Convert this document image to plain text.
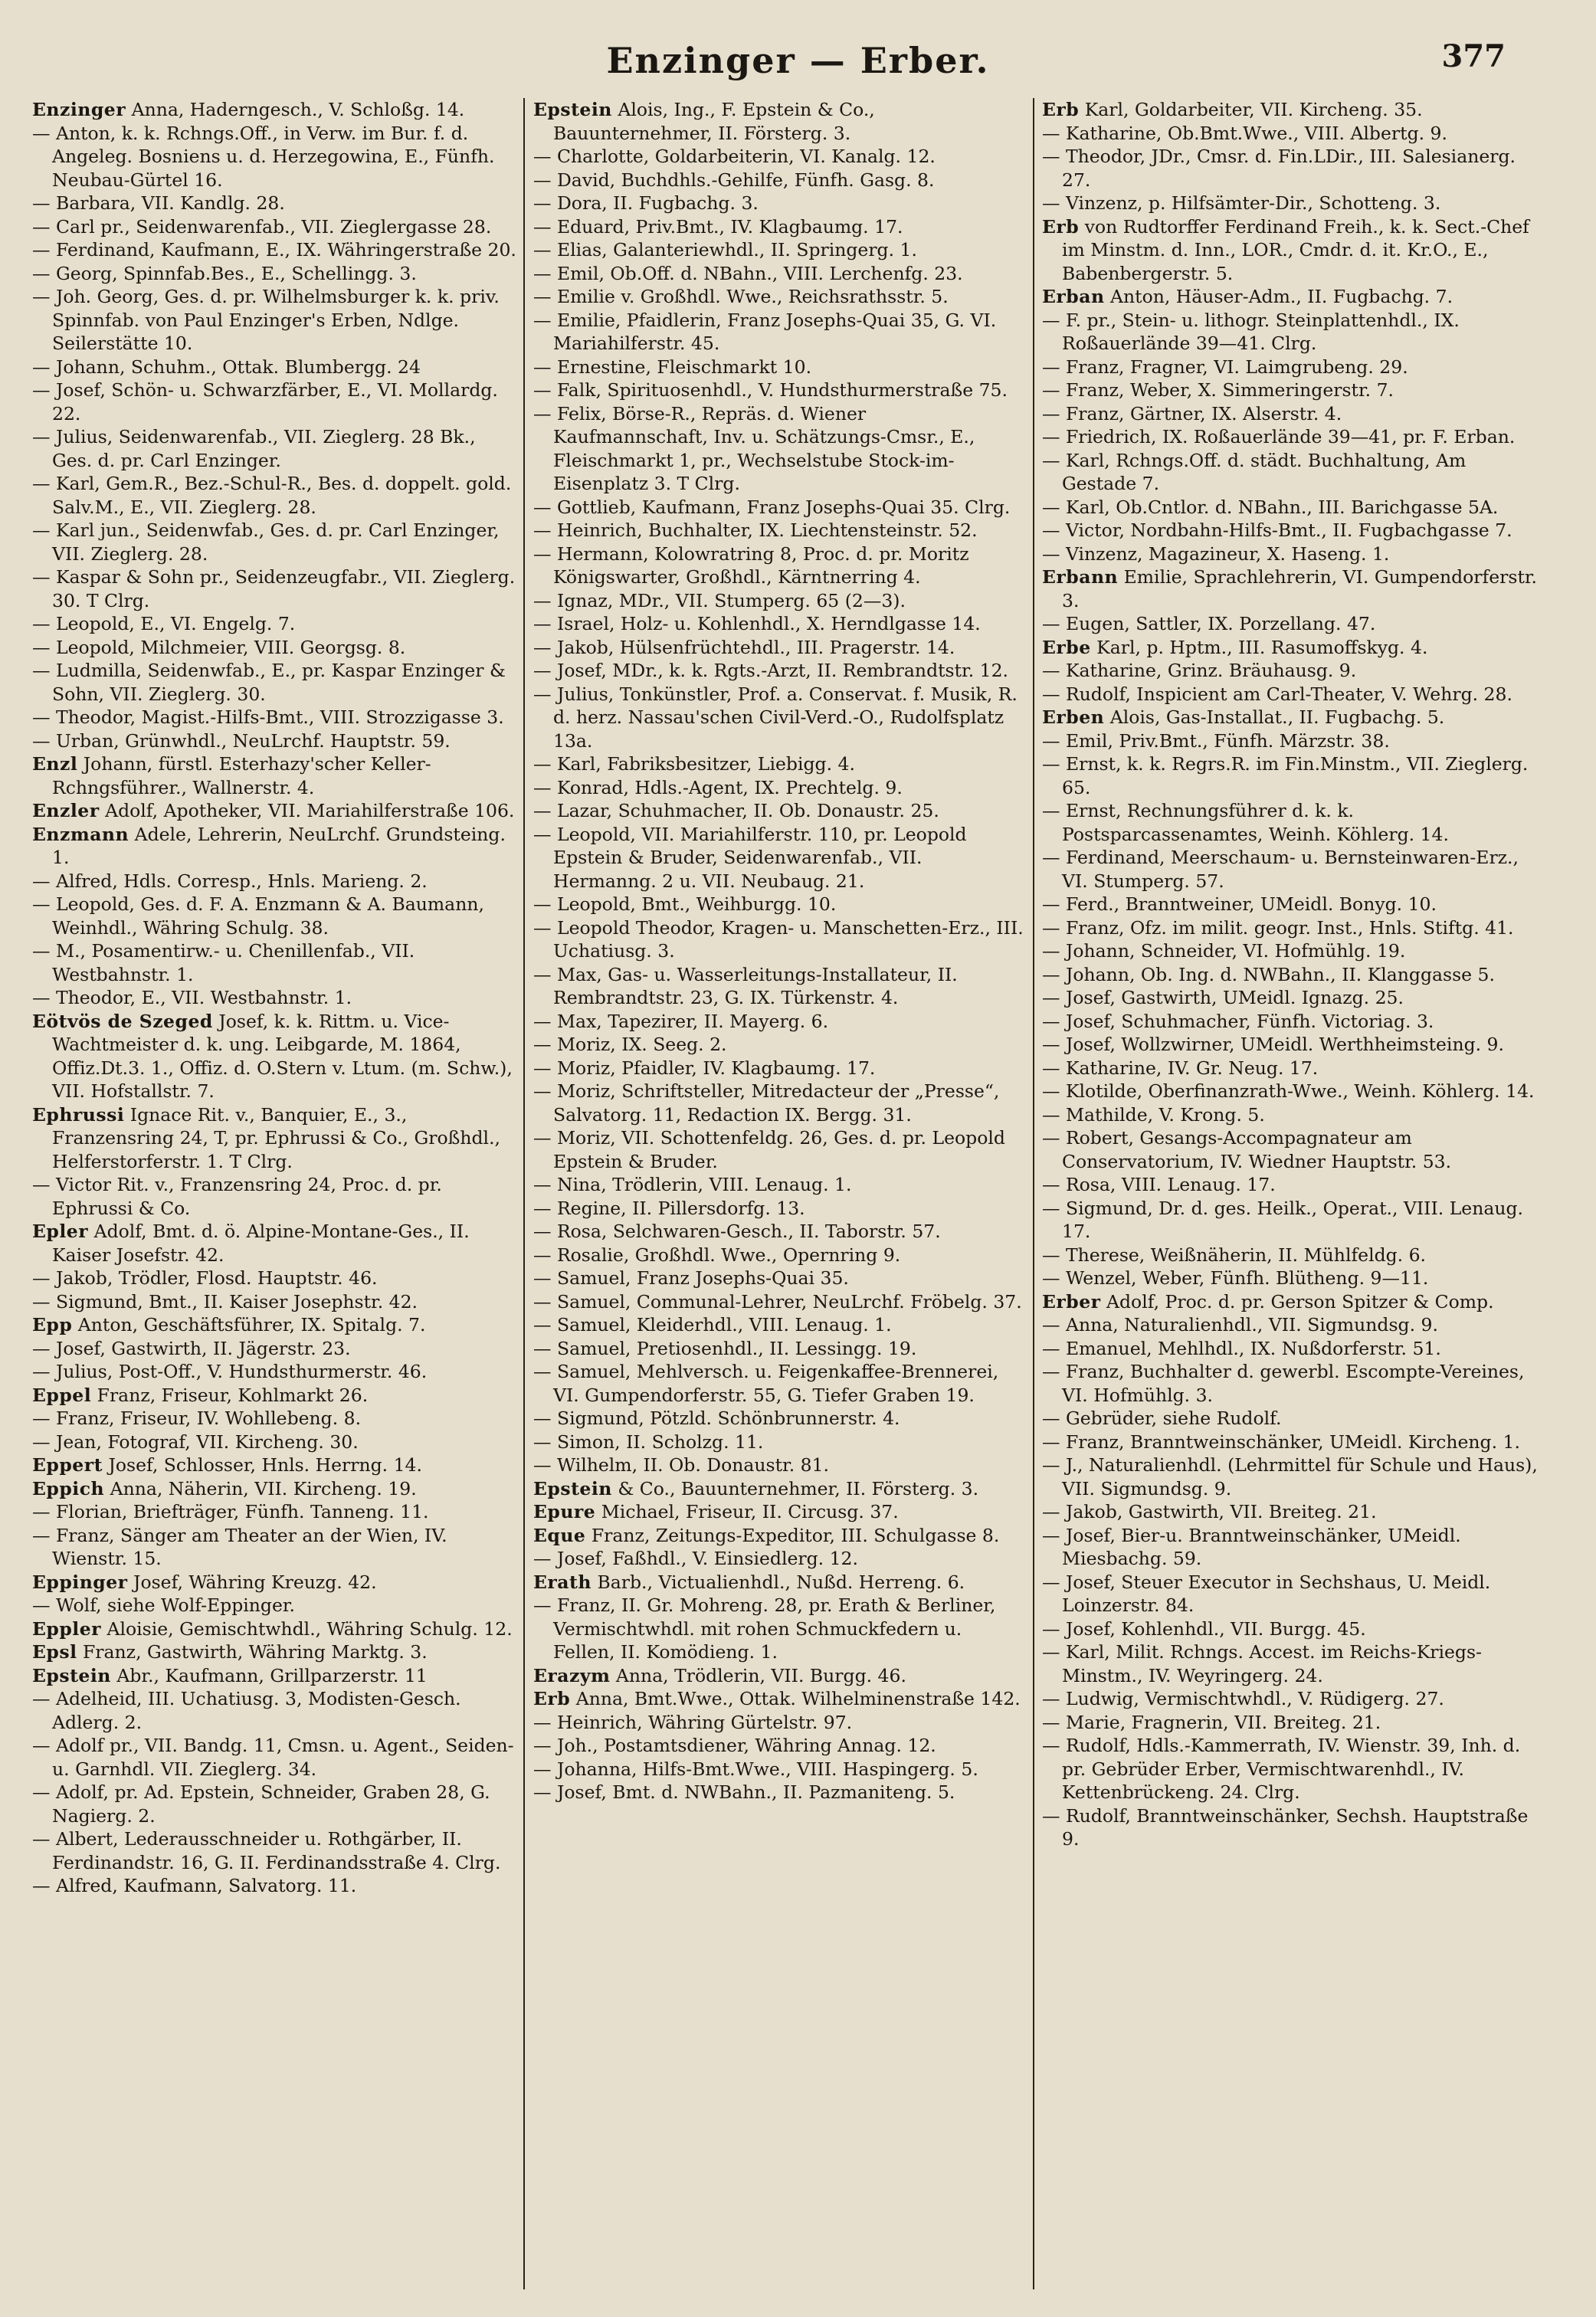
Enzinger — Erber.	377

Enzinger Anna, Haderngesch., V. Schloßg. 14.

— Anton, k. k. Rchngs.Off., in Verw. im Bur. f. d. Angeleg. Bosniens u. d. Herzegowina, E., Fünfh. Neubau-Gürtel 16.

— Barbara, VII. Kandlg. 28.

— Carl pr., Seidenwarenfab., VII. Zieglergasse 28.

— Ferdinand, Kaufmann, E., IX. Währingerstraße 20.

— Georg, Spinnfab.Bes., E., Schellingg. 3.

— Joh. Georg, Ges. d. pr. Wilhelmsburger k. k. priv. Spinnfab. von Paul Enzinger's Erben, Ndlge. Seilerstätte 10.

— Johann, Schuhm., Ottak. Blumbergg. 24

— Josef, Schön- u. Schwarzfärber, E., VI. Mollardg. 22.

— Julius, Seidenwarenfab., VII. Zieglerg. 28 Bk., Ges. d. pr. Carl Enzinger.

— Karl, Gem.R., Bez.-Schul-R., Bes. d. doppelt. gold. Salv.M., E., VII. Zieglerg. 28.

— Karl jun., Seidenwfab., Ges. d. pr. Carl Enzinger, VII. Zieglerg. 28.

— Kaspar & Sohn pr., Seidenzeugfabr., VII. Zieglerg. 30. T Clrg.

— Leopold, E., VI. Engelg. 7.

— Leopold, Milchmeier, VIII. Georgsg. 8.

— Ludmilla, Seidenwfab., E., pr. Kaspar Enzinger & Sohn, VII. Zieglerg. 30.

— Theodor, Magist.-Hilfs-Bmt., VIII. Strozzigasse 3.

— Urban, Grünwhdl., NeuLrchf. Hauptstr. 59.

Enzl Johann, fürstl. Esterhazy'scher Keller-Rchngsführer., Wallnerstr. 4.

Enzler Adolf, Apotheker, VII. Mariahilferstraße 106.

Enzmann Adele, Lehrerin, NeuLrchf. Grundsteing. 1.

— Alfred, Hdls. Corresp., Hnls. Marieng. 2.

— Leopold, Ges. d. F. A. Enzmann & A. Baumann, Weinhdl., Währing Schulg. 38.

— M., Posamentirw.- u. Chenillenfab., VII. Westbahnstr. 1.

— Theodor, E., VII. Westbahnstr. 1.

Eötvös de Szeged Josef, k. k. Rittm. u. Vice-Wachtmeister d. k. ung. Leibgarde, M. 1864, Offiz.Dt.3. 1., Offiz. d. O.Stern v. Ltum. (m. Schw.), VII. Hofstallstr. 7.

Ephrussi Ignace Rit. v., Banquier, E., 3., Franzensring 24, T, pr. Ephrussi & Co., Großhdl., Helferstorferstr. 1. T Clrg.

— Victor Rit. v., Franzensring 24, Proc. d. pr. Ephrussi & Co.

Epler Adolf, Bmt. d. ö. Alpine-Montane-Ges., II. Kaiser Josefstr. 42.

— Jakob, Trödler, Flosd. Hauptstr. 46.

— Sigmund, Bmt., II. Kaiser Josephstr. 42.

Epp Anton, Geschäftsführer, IX. Spitalg. 7.

— Josef, Gastwirth, II. Jägerstr. 23.

— Julius, Post-Off., V. Hundsthurmerstr. 46.

Eppel Franz, Friseur, Kohlmarkt 26.

— Franz, Friseur, IV. Wohllebeng. 8.

— Jean, Fotograf, VII. Kircheng. 30.

Eppert Josef, Schlosser, Hnls. Herrng. 14.

Eppich Anna, Näherin, VII. Kircheng. 19.

— Florian, Briefträger, Fünfh. Tanneng. 11.

— Franz, Sänger am Theater an der Wien, IV. Wienstr. 15.

Eppinger Josef, Währing Kreuzg. 42.

— Wolf, siehe Wolf-Eppinger.

Eppler Aloisie, Gemischtwhdl., Währing Schulg. 12.

Epsl Franz, Gastwirth, Währing Marktg. 3.

Epstein Abr., Kaufmann, Grillparzerstr. 11

— Adelheid, III. Uchatiusg. 3, Modisten-Gesch. Adlerg. 2.

— Adolf pr., VII. Bandg. 11, Cmsn. u. Agent., Seiden- u. Garnhdl. VII. Zieglerg. 34.

— Adolf, pr. Ad. Epstein, Schneider, Graben 28, G. Nagierg. 2.

— Albert, Lederausschneider u. Rothgärber, II. Ferdinandstr. 16, G. II. Ferdinandsstraße 4. Clrg.

— Alfred, Kaufmann, Salvatorg. 11.

Epstein Alois, Ing., F. Epstein & Co., Bauunternehmer, II. Försterg. 3.

— Charlotte, Goldarbeiterin, VI. Kanalg. 12.

— David, Buchdhls.-Gehilfe, Fünfh. Gasg. 8.

— Dora, II. Fugbachg. 3.

— Eduard, Priv.Bmt., IV. Klagbaumg. 17.

— Elias, Galanteriewhdl., II. Springerg. 1.

— Emil, Ob.Off. d. NBahn., VIII. Lerchenfg. 23.

— Emilie v. Großhdl. Wwe., Reichsrathsstr. 5.

— Emilie, Pfaidlerin, Franz Josephs-Quai 35, G. VI. Mariahilferstr. 45.

— Ernestine, Fleischmarkt 10.

— Falk, Spirituosenhdl., V. Hundsthurmerstraße 75.

— Felix, Börse-R., Repräs. d. Wiener Kaufmannschaft, Inv. u. Schätzungs-Cmsr., E., Fleischmarkt 1, pr., Wechselstube Stock-im-Eisenplatz 3. T Clrg.

— Gottlieb, Kaufmann, Franz Josephs-Quai 35. Clrg.

— Heinrich, Buchhalter, IX. Liechtensteinstr. 52.

— Hermann, Kolowratring 8, Proc. d. pr. Moritz Königswarter, Großhdl., Kärntnerring 4.

— Ignaz, MDr., VII. Stumperg. 65 (2—3).

— Israel, Holz- u. Kohlenhdl., X. Herndlgasse 14.

— Jakob, Hülsenfrüchtehdl., III. Pragerstr. 14.

— Josef, MDr., k. k. Rgts.-Arzt, II. Rembrandtstr. 12.

— Julius, Tonkünstler, Prof. a. Conservat. f. Musik, R. d. herz. Nassau'schen Civil-Verd.-O., Rudolfsplatz 13a.

— Karl, Fabriksbesitzer, Liebigg. 4.

— Konrad, Hdls.-Agent, IX. Prechtelg. 9.

— Lazar, Schuhmacher, II. Ob. Donaustr. 25.

— Leopold, VII. Mariahilferstr. 110, pr. Leopold Epstein & Bruder, Seidenwarenfab., VII. Hermanng. 2 u. VII. Neubaug. 21.

— Leopold, Bmt., Weihburgg. 10.

— Leopold Theodor, Kragen- u. Manschetten-Erz., III. Uchatiusg. 3.

— Max, Gas- u. Wasserleitungs-Installateur, II. Rembrandtstr. 23, G. IX. Türkenstr. 4.

— Max, Tapezirer, II. Mayerg. 6.

— Moriz, IX. Seeg. 2.

— Moriz, Pfaidler, IV. Klagbaumg. 17.

— Moriz, Schriftsteller, Mitredacteur der „Presse“, Salvatorg. 11, Redaction IX. Bergg. 31.

— Moriz, VII. Schottenfeldg. 26, Ges. d. pr. Leopold Epstein & Bruder.

— Nina, Trödlerin, VIII. Lenaug. 1.

— Regine, II. Pillersdorfg. 13.

— Rosa, Selchwaren-Gesch., II. Taborstr. 57.

— Rosalie, Großhdl. Wwe., Opernring 9.

— Samuel, Franz Josephs-Quai 35.

— Samuel, Communal-Lehrer, NeuLrchf. Fröbelg. 37.

— Samuel, Kleiderhdl., VIII. Lenaug. 1.

— Samuel, Pretiosenhdl., II. Lessingg. 19.

— Samuel, Mehlversch. u. Feigenkaffee-Brennerei, VI. Gumpendorferstr. 55, G. Tiefer Graben 19.

— Sigmund, Pötzld. Schönbrunnerstr. 4.

— Simon, II. Scholzg. 11.

— Wilhelm, II. Ob. Donaustr. 81.

Epstein & Co., Bauunternehmer, II. Försterg. 3.

Epure Michael, Friseur, II. Circusg. 37.

Eque Franz, Zeitungs-Expeditor, III. Schulgasse 8.

— Josef, Faßhdl., V. Einsiedlerg. 12.

Erath Barb., Victualienhdl., Nußd. Herreng. 6.

— Franz, II. Gr. Mohreng. 28, pr. Erath & Berliner, Vermischtwhdl. mit rohen Schmuckfedern u. Fellen, II. Komödieng. 1.

Erazym Anna, Trödlerin, VII. Burgg. 46.

Erb Anna, Bmt.Wwe., Ottak. Wilhelminenstraße 142.

— Heinrich, Währing Gürtelstr. 97.

— Joh., Postamtsdiener, Währing Annag. 12.

— Johanna, Hilfs-Bmt.Wwe., VIII. Haspingerg. 5.

— Josef, Bmt. d. NWBahn., II. Pazmaniteng. 5.

Erb Karl, Goldarbeiter, VII. Kircheng. 35.

— Katharine, Ob.Bmt.Wwe., VIII. Albertg. 9.

— Theodor, JDr., Cmsr. d. Fin.LDir., III. Salesianerg. 27.

— Vinzenz, p. Hilfsämter-Dir., Schotteng. 3.

Erb von Rudtorffer Ferdinand Freih., k. k. Sect.-Chef im Minstm. d. Inn., LOR., Cmdr. d. it. Kr.O., E., Babenbergerstr. 5.

Erban Anton, Häuser-Adm., II. Fugbachg. 7.

— F. pr., Stein- u. lithogr. Steinplattenhdl., IX. Roßauerlände 39—41. Clrg.

— Franz, Fragner, VI. Laimgrubeng. 29.

— Franz, Weber, X. Simmeringerstr. 7.

— Franz, Gärtner, IX. Alserstr. 4.

— Friedrich, IX. Roßauerlände 39—41, pr. F. Erban.

— Karl, Rchngs.Off. d. städt. Buchhaltung, Am Gestade 7.

— Karl, Ob.Cntlor. d. NBahn., III. Barichgasse 5A.

— Victor, Nordbahn-Hilfs-Bmt., II. Fugbachgasse 7.

— Vinzenz, Magazineur, X. Haseng. 1.

Erbann Emilie, Sprachlehrerin, VI. Gumpendorferstr. 3.

— Eugen, Sattler, IX. Porzellang. 47.

Erbe Karl, p. Hptm., III. Rasumoffskyg. 4.

— Katharine, Grinz. Bräuhausg. 9.

— Rudolf, Inspicient am Carl-Theater, V. Wehrg. 28.

Erben Alois, Gas-Installat., II. Fugbachg. 5.

— Emil, Priv.Bmt., Fünfh. Märzstr. 38.

— Ernst, k. k. Regrs.R. im Fin.Minstm., VII. Zieglerg. 65.

— Ernst, Rechnungsführer d. k. k. Postsparcassenamtes, Weinh. Köhlerg. 14.

— Ferdinand, Meerschaum- u. Bernsteinwaren-Erz., VI. Stumperg. 57.

— Ferd., Branntweiner, UMeidl. Bonyg. 10.

— Franz, Ofz. im milit. geogr. Inst., Hnls. Stiftg. 41.

— Johann, Schneider, VI. Hofmühlg. 19.

— Johann, Ob. Ing. d. NWBahn., II. Klanggasse 5.

— Josef, Gastwirth, UMeidl. Ignazg. 25.

— Josef, Schuhmacher, Fünfh. Victoriag. 3.

— Josef, Wollzwirner, UMeidl. Werthheimsteing. 9.

— Katharine, IV. Gr. Neug. 17.

— Klotilde, Oberfinanzrath-Wwe., Weinh. Köhlerg. 14.

— Mathilde, V. Krong. 5.

— Robert, Gesangs-Accompagnateur am Conservatorium, IV. Wiedner Hauptstr. 53.

— Rosa, VIII. Lenaug. 17.

— Sigmund, Dr. d. ges. Heilk., Operat., VIII. Lenaug. 17.

— Therese, Weißnäherin, II. Mühlfeldg. 6.

— Wenzel, Weber, Fünfh. Blütheng. 9—11.

Erber Adolf, Proc. d. pr. Gerson Spitzer & Comp.

— Anna, Naturalienhdl., VII. Sigmundsg. 9.

— Emanuel, Mehlhdl., IX. Nußdorferstr. 51.

— Franz, Buchhalter d. gewerbl. Escompte-Vereines, VI. Hofmühlg. 3.

— Gebrüder, siehe Rudolf.

— Franz, Branntweinschänker, UMeidl. Kircheng. 1.

— J., Naturalienhdl. (Lehrmittel für Schule und Haus), VII. Sigmundsg. 9.

— Jakob, Gastwirth, VII. Breiteg. 21.

— Josef, Bier-u. Branntweinschänker, UMeidl. Miesbachg. 59.

— Josef, Steuer Executor in Sechshaus, U. Meidl. Loinzerstr. 84.

— Josef, Kohlenhdl., VII. Burgg. 45.

— Karl, Milit. Rchngs. Accest. im Reichs-Kriegs-Minstm., IV. Weyringerg. 24.

— Ludwig, Vermischtwhdl., V. Rüdigerg. 27.

— Marie, Fragnerin, VII. Breiteg. 21.

— Rudolf, Hdls.-Kammerrath, IV. Wienstr. 39, Inh. d. pr. Gebrüder Erber, Vermischtwarenhdl., IV. Kettenbrückeng. 24. Clrg.

— Rudolf, Branntweinschänker, Sechsh. Hauptstraße 9.
